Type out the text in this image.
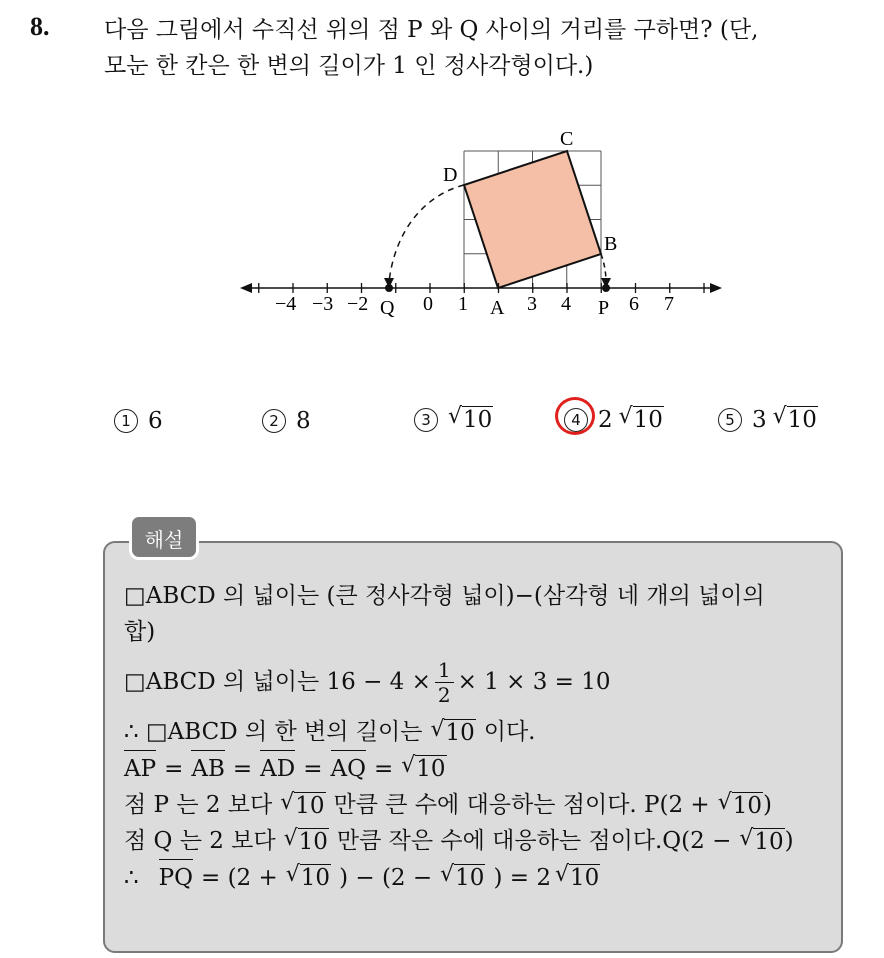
8. 다음 그림에서 수직선 위의 점 P 와 Q 사이의 거리를 구하면? (단,
모눈 한 칸은 한 변의 길이가 1 인 정사각형이다.)
A
B
C
D
P
Q
−4 −3 −2	0 1	3 4	6 7
1 6	2 8	3 √ 10	4 2 √ 10	5 3 √ 10
해설
□ABCD 의 넓이는 (큰 정사각형 넓이)−(삼각형 네 개의 넓이의
합)
□ABCD 의 넓이는 $16 - 4 \times \frac{1}{2} \times 1 \times 3 = 10$
∴ □ABCD 의 한 변의 길이는 √ 10 이다.
AP = AB = AD = AQ = √ 10
점 P 는 2 보다 √ 10 만큼 큰 수에 대응하는 점이다. P(2 + √ 10 )
점 Q 는 2 보다 √ 10 만큼 작은 수에 대응하는 점이다.Q(2 − √ 10 )
∴ PQ = (2 + √ 10 ) − (2 − √ 10 ) = 2 √ 10
